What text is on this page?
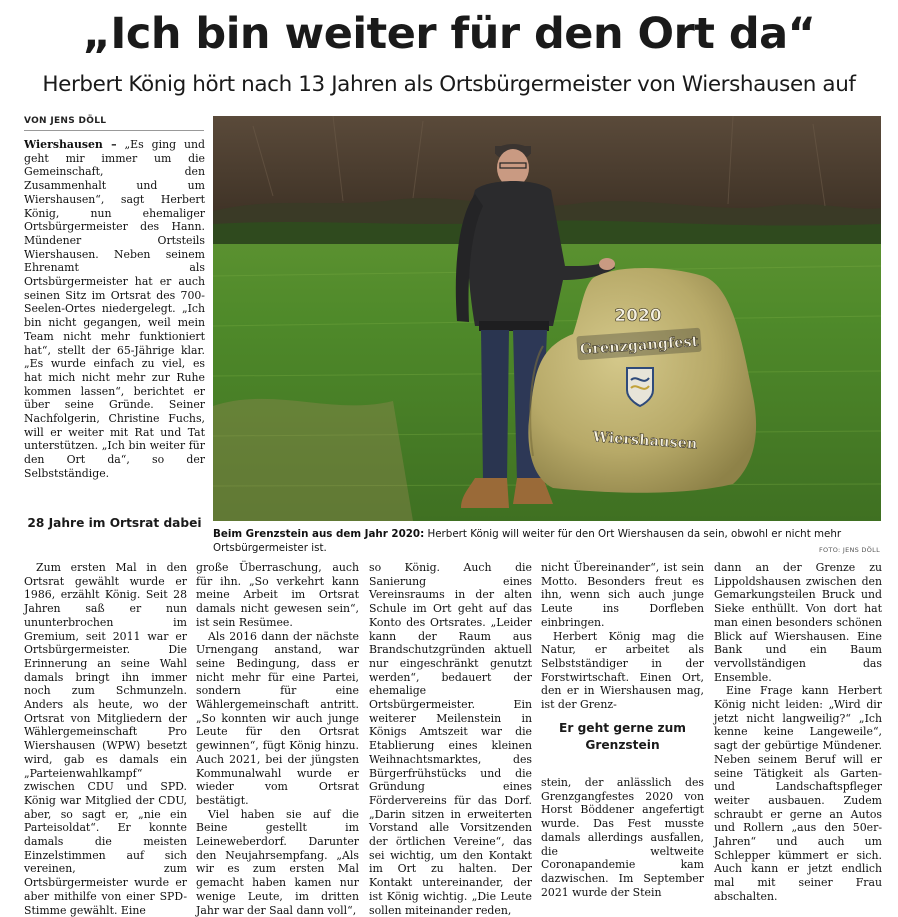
„Ich bin weiter für den Ort da“
Herbert König hört nach 13 Jahren als Ortsbürgermeister von Wiershausen auf
VON JENS DÖLL

Wiershausen – „Es ging und geht mir immer um die Gemeinschaft, den Zusammenhalt und um Wiershausen“, sagt Herbert König, nun ehemaliger Ortsbürgermeister des Hann. Mündener Ortsteils Wiershausen. Neben seinem Ehrenamt als Ortsbürgermeister hat er auch seinen Sitz im Ortsrat des 700-Seelen-Ortes niedergelegt. „Ich bin nicht gegangen, weil mein Team nicht mehr funktioniert hat“, stellt der 65-Jährige klar. „Es wurde einfach zu viel, es hat mich nicht mehr zur Ruhe kommen lassen“, berichtet er über seine Gründe. Seiner Nachfolgerin, Christine Fuchs, will er weiter mit Rat und Tat unterstützen. „Ich bin weiter für den Ort da“, so der Selbstständige.

28 Jahre im Ortsrat dabei
2020
Grenzgangfest
Wiershausen
Beim Grenzstein aus dem Jahr 2020: Herbert König will weiter für den Ort Wiershausen da sein, obwohl er nicht mehr Ortsbürgermeister ist.	FOTO: JENS DÖLL

Zum ersten Mal in den Ortsrat gewählt wurde er 1986, erzählt König. Seit 28 Jahren saß er nun ununterbrochen im Gremium, seit 2011 war er Ortsbürgermeister. Die Erinnerung an seine Wahl damals bringt ihn immer noch zum Schmunzeln. Anders als heute, wo der Ortsrat von Mitgliedern der Wählergemeinschaft Pro Wiershausen (WPW) besetzt wird, gab es damals ein „Parteienwahlkampf“ zwischen CDU und SPD. König war Mitglied der CDU, aber, so sagt er, „nie ein Parteisoldat“. Er konnte damals die meisten Einzelstimmen auf sich vereinen, zum Ortsbürgermeister wurde er aber mithilfe von einer SPD-Stimme gewählt. Eine

große Überraschung, auch für ihn. „So verkehrt kann meine Arbeit im Ortsrat damals nicht gewesen sein“, ist sein Resümee.

Als 2016 dann der nächste Urnengang anstand, war seine Bedingung, dass er nicht mehr für eine Partei, sondern für eine Wählergemeinschaft antritt. „So konnten wir auch junge Leute für den Ortsrat gewinnen“, fügt König hinzu. Auch 2021, bei der jüngsten Kommunalwahl wurde er wieder vom Ortsrat bestätigt.

Viel haben sie auf die Beine gestellt im Leineweberdorf. Darunter den Neujahrsempfang. „Als wir es zum ersten Mal gemacht haben kamen nur wenige Leute, im dritten Jahr war der Saal dann voll“,

so König. Auch die Sanierung eines Vereinsraums in der alten Schule im Ort geht auf das Konto des Ortsrates. „Leider kann der Raum aus Brandschutzgründen aktuell nur eingeschränkt genutzt werden“, bedauert der ehemalige Ortsbürgermeister. Ein weiterer Meilenstein in Königs Amtszeit war die Etablierung eines kleinen Weihnachtsmarktes, des Bürgerfrühstücks und die Gründung eines Fördervereins für das Dorf. „Darin sitzen in erweiterten Vorstand alle Vorsitzenden der örtlichen Vereine“, das sei wichtig, um den Kontakt im Ort zu halten. Der Kontakt untereinander, der ist König wichtig. „Die Leute sollen miteinander reden,

nicht Übereinander“, ist sein Motto. Besonders freut es ihn, wenn sich auch junge Leute ins Dorfleben einbringen.

Herbert König mag die Natur, er arbeitet als Selbstständiger in der Forstwirtschaft. Einen Ort, den er in Wiershausen mag, ist der Grenz-

Er geht gerne zum Grenzstein

stein, der anlässlich des Grenzgangfestes 2020 von Horst Böddener angefertigt wurde. Das Fest musste damals allerdings ausfallen, die weltweite Coronapandemie kam dazwischen. Im September 2021 wurde der Stein

dann an der Grenze zu Lippoldshausen zwischen den Gemarkungsteilen Bruck und Sieke enthüllt. Von dort hat man einen besonders schönen Blick auf Wiershausen. Eine Bank und ein Baum vervollständigen das Ensemble.

Eine Frage kann Herbert König nicht leiden: „Wird dir jetzt nicht langweilig?“ „Ich kenne keine Langeweile“, sagt der gebürtige Mündener. Neben seinem Beruf will er seine Tätigkeit als Garten- und Landschaftspfleger weiter ausbauen. Zudem schraubt er gerne an Autos und Rollern „aus den 50er-Jahren“ und auch um Schlepper kümmert er sich. Auch kann er jetzt endlich mal mit seiner Frau abschalten.
